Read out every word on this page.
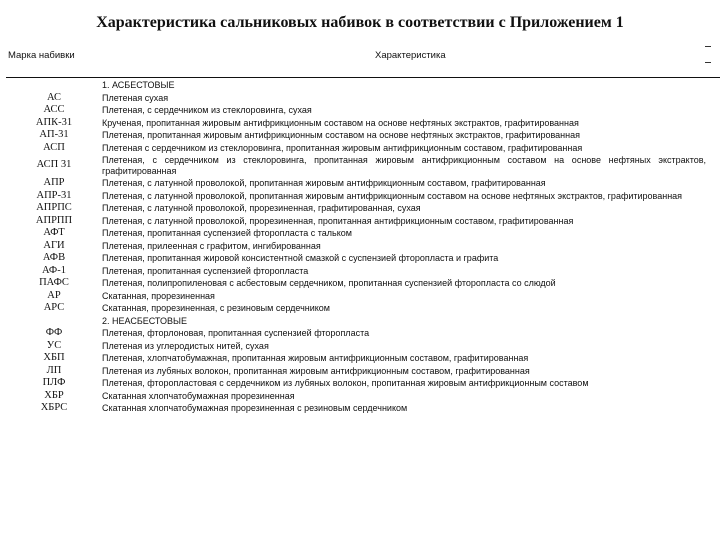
Характеристика сальниковых набивок в соответствии с Приложением 1
Марка набивки	Характеристика
	1. АСБЕСТОВЫЕ
АС	Плетеная сухая
АСС	Плетеная, с сердечником из стеклоровинга, сухая
АПК-31	Крученая, пропитанная жировым антифрикционным составом на основе нефтяных экстрактов, графитированная
АП-31	Плетеная, пропитанная жировым антифрикционным составом на основе нефтяных экстрактов, графитированная
АСП	Плетеная с сердечником из стеклоровинга, пропитанная жировым антифрикционным составом, графитированная
АСП 31	Плетеная, с сердечником из стеклоровинга, пропитанная жировым антифрикционным составом на основе нефтяных экстрактов, графитированная
АПР	Плетеная, с латунной проволокой, пропитанная жировым антифрикционным составом, графитированная
АПР-31	Плетеная, с латунной проволокой, пропитанная жировым антифрикционным составом на основе нефтяных экстрактов, графитированная
АПРПС	Плетеная, с латунной проволокой, прорезиненная, графитированная, сухая
АПРПП	Плетеная, с латунной проволокой, прорезиненная, пропитанная антифрикционным составом, графитированная
АФТ	Плетеная, пропитанная суспензией фторопласта с тальком
АГИ	Плетеная, прилеенная с графитом, ингибированная
АФВ	Плетеная, пропитанная жировой консистентной смазкой с суспензией фторопласта и графита
АФ-1	Плетеная, пропитанная суспензией фторопласта
ПАФС	Плетеная, полипропиленовая с асбестовым сердечником, пропитанная суспензией фторопласта со слюдой
АР	Скатанная, прорезиненная
АРС	Скатанная, прорезиненная, с резиновым сердечником
	2. НЕАСБЕСТОВЫЕ
ФФ	Плетеная, фторлоновая, пропитанная суспензией фторопласта
УС	Плетеная из углеродистых нитей, сухая
ХБП	Плетеная, хлопчатобумажная, пропитанная жировым антифрикционным составом, графитированная
ЛП	Плетеная из лубяных волокон, пропитанная жировым антифрикционным составом, графитированная
ПЛФ	Плетеная, фторопластовая с сердечником из лубяных волокон, пропитанная жировым антифрикционным составом
ХБР	Скатанная хлопчатобумажная прорезиненная
ХБРС	Скатанная хлопчатобумажная прорезиненная с резиновым сердечником
